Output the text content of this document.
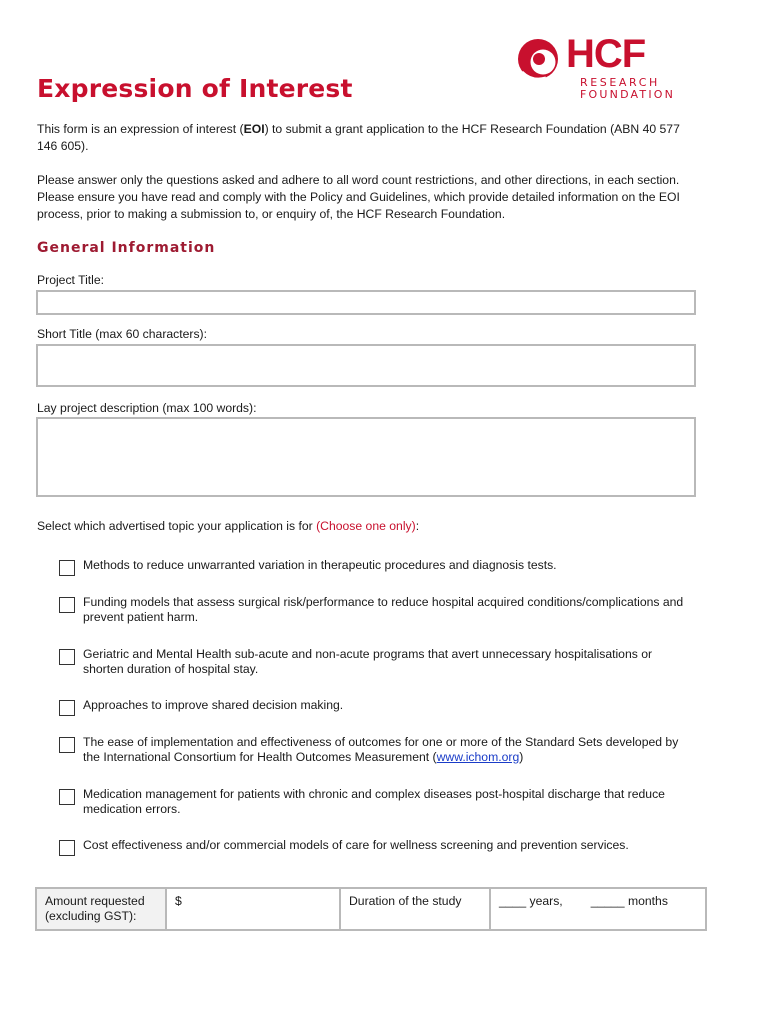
Expression of Interest
HCF
RESEARCH
FOUNDATION

This form is an expression of interest (EOI) to submit a grant application to the HCF Research Foundation (ABN 40 577 146 605).

Please answer only the questions asked and adhere to all word count restrictions, and other directions, in each section. Please ensure you have read and comply with the Policy and Guidelines, which provide detailed information on the EOI process, prior to making a submission to, or enquiry of, the HCF Research Foundation.

General Information

Project Title:

Short Title (max 60 characters):

Lay project description (max 100 words):

Select which advertised topic your application is for (Choose one only):

Methods to reduce unwarranted variation in therapeutic procedures and diagnosis tests.
Funding models that assess surgical risk/performance to reduce hospital acquired conditions/complications and prevent patient harm.
Geriatric and Mental Health sub-acute and non-acute programs that avert unnecessary hospitalisations or shorten duration of hospital stay.
Approaches to improve shared decision making.
The ease of implementation and effectiveness of outcomes for one or more of the Standard Sets developed by the International Consortium for Health Outcomes Measurement (www.ichom.org)
Medication management for patients with chronic and complex diseases post-hospital discharge that reduce medication errors.
Cost effectiveness and/or commercial models of care for wellness screening and prevention services.
Amount requested (excluding GST):	$	Duration of the study	____ years, _____ months
